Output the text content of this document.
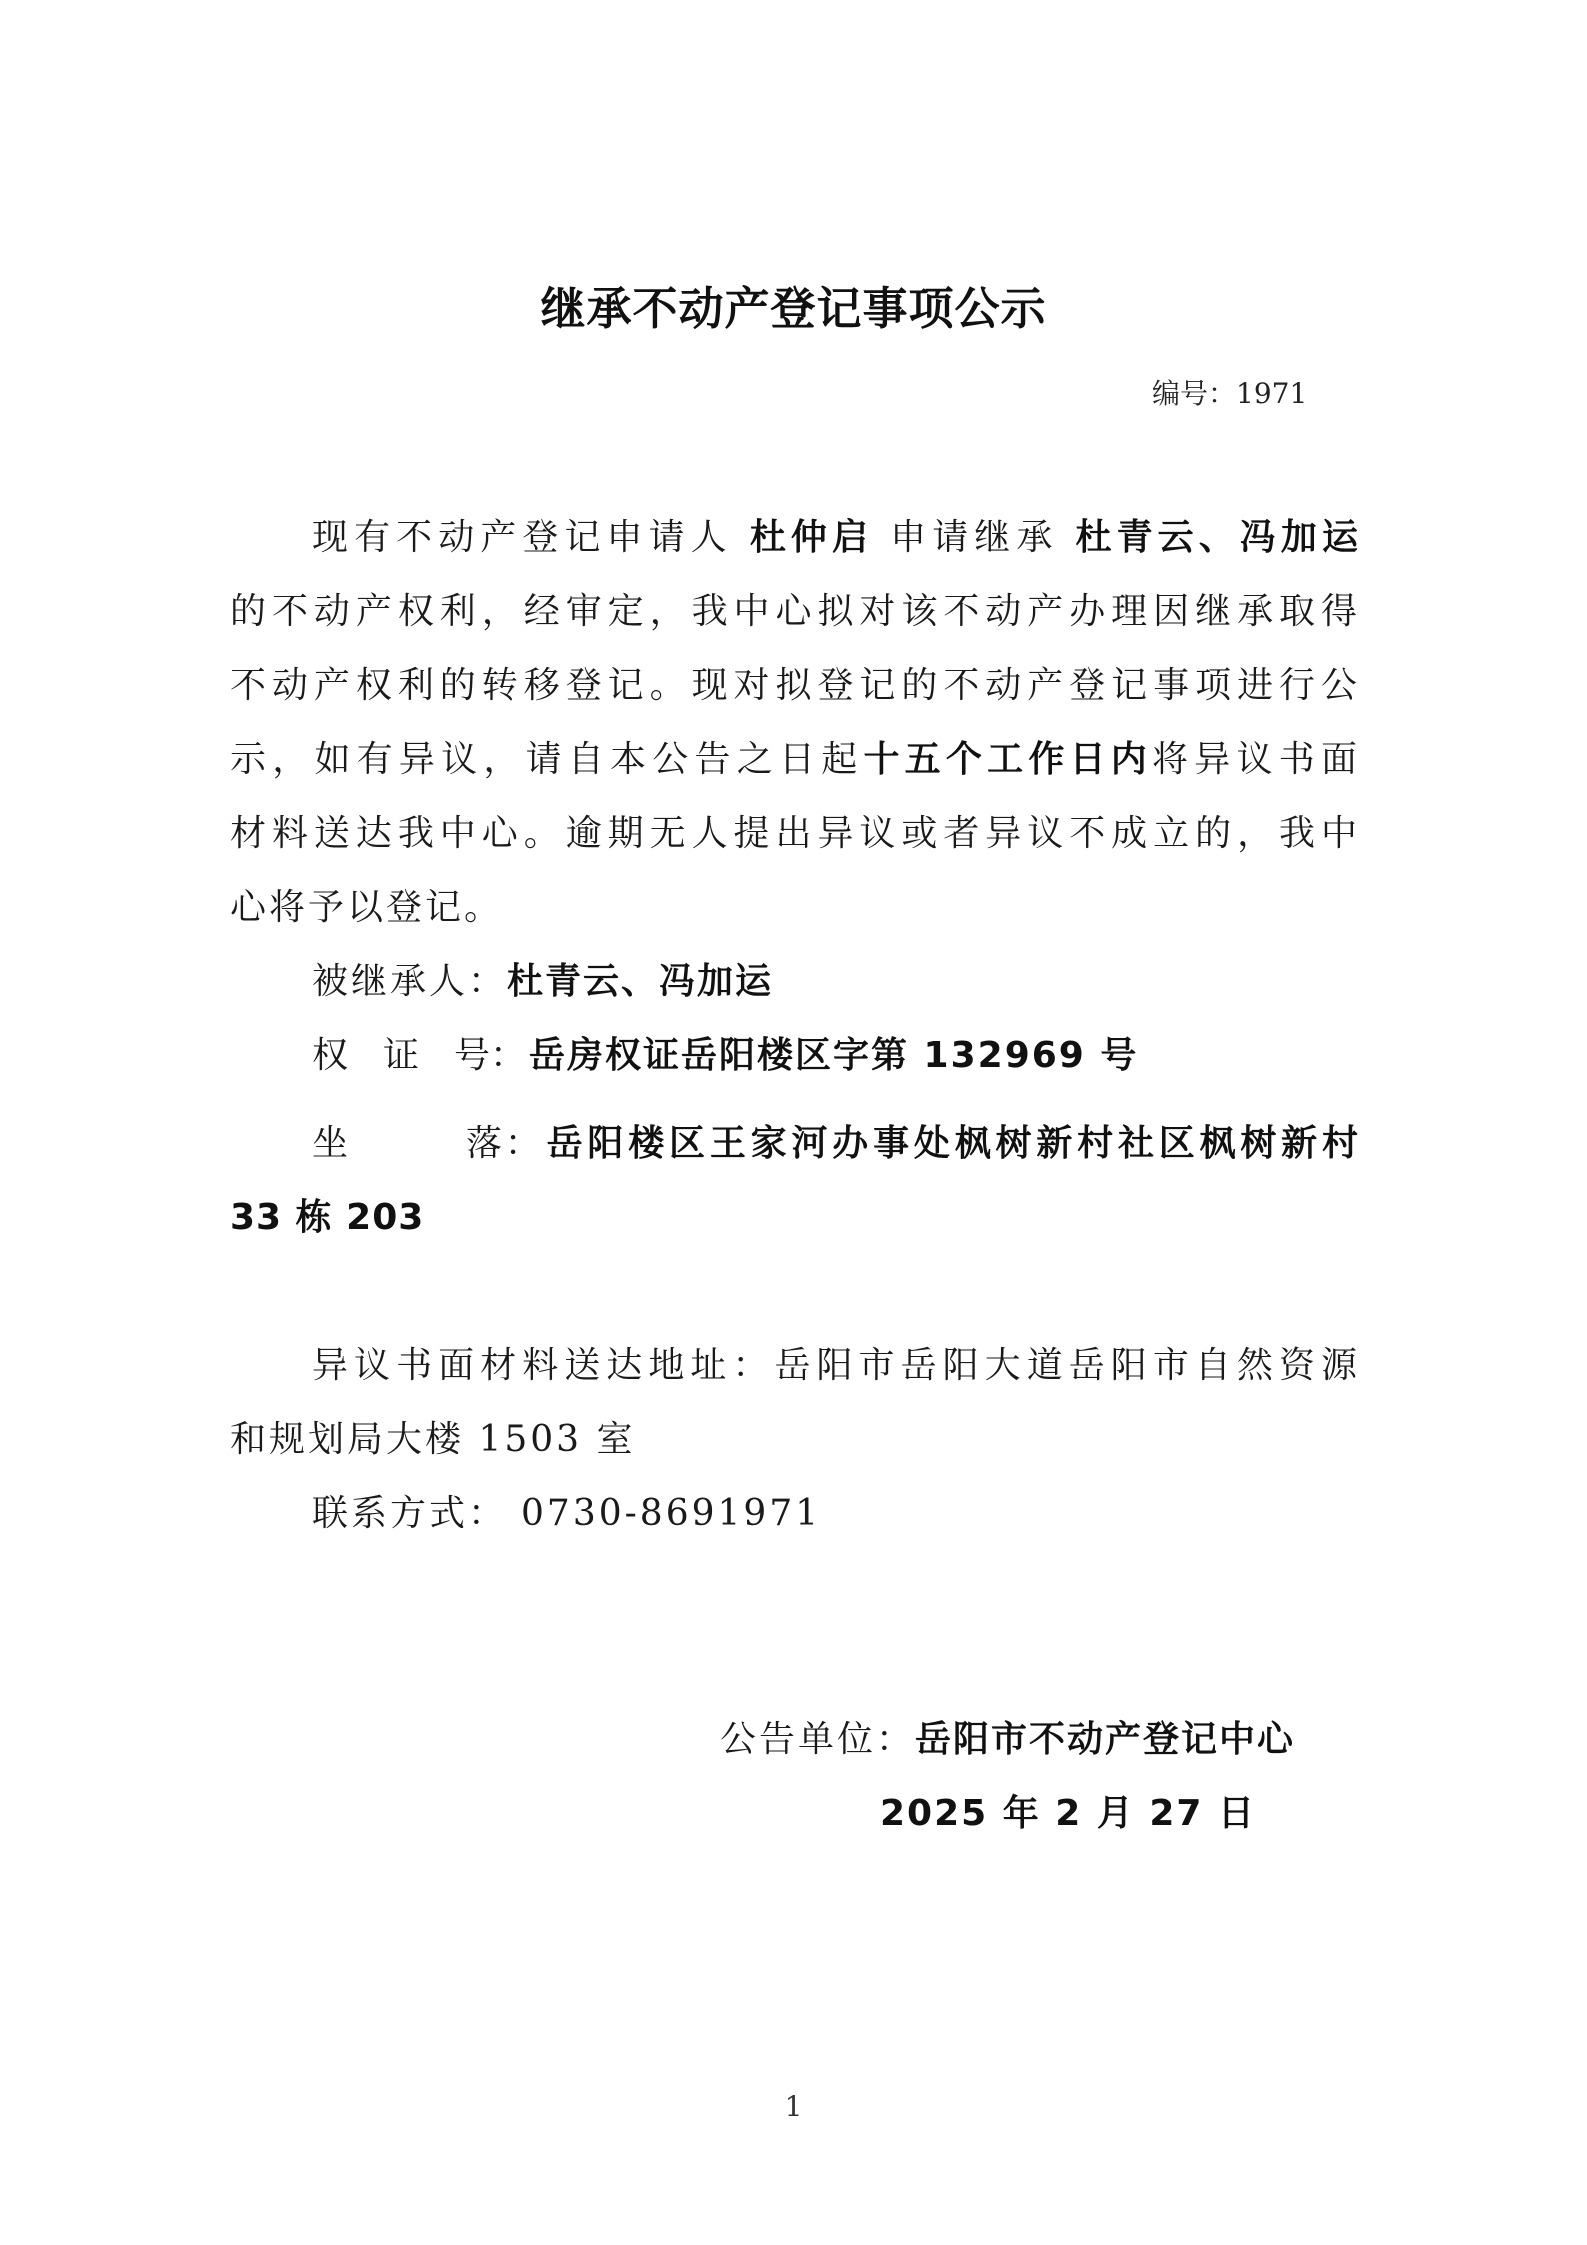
继承不动产登记事项公示
编号：1971
现有不动产登记申请人 杜仲启 申请继承 杜青云、冯加运
的不动产权利，经审定，我中心拟对该不动产办理因继承取得
不动产权利的转移登记。现对拟登记的不动产登记事项进行公
示，如有异议，请自本公告之日起十五个工作日内将异议书面
材料送达我中心。逾期无人提出异议或者异议不成立的，我中
心将予以登记。
被继承人：杜青云、冯加运
权 证 号：岳房权证岳阳楼区字第 132969 号
坐　　落：岳阳楼区王家河办事处枫树新村社区枫树新村
33 栋 203
异议书面材料送达地址：岳阳市岳阳大道岳阳市自然资源
和规划局大楼 1503 室
联系方式： 0730-8691971
公告单位：岳阳市不动产登记中心
2025 年 2 月 27 日
1
